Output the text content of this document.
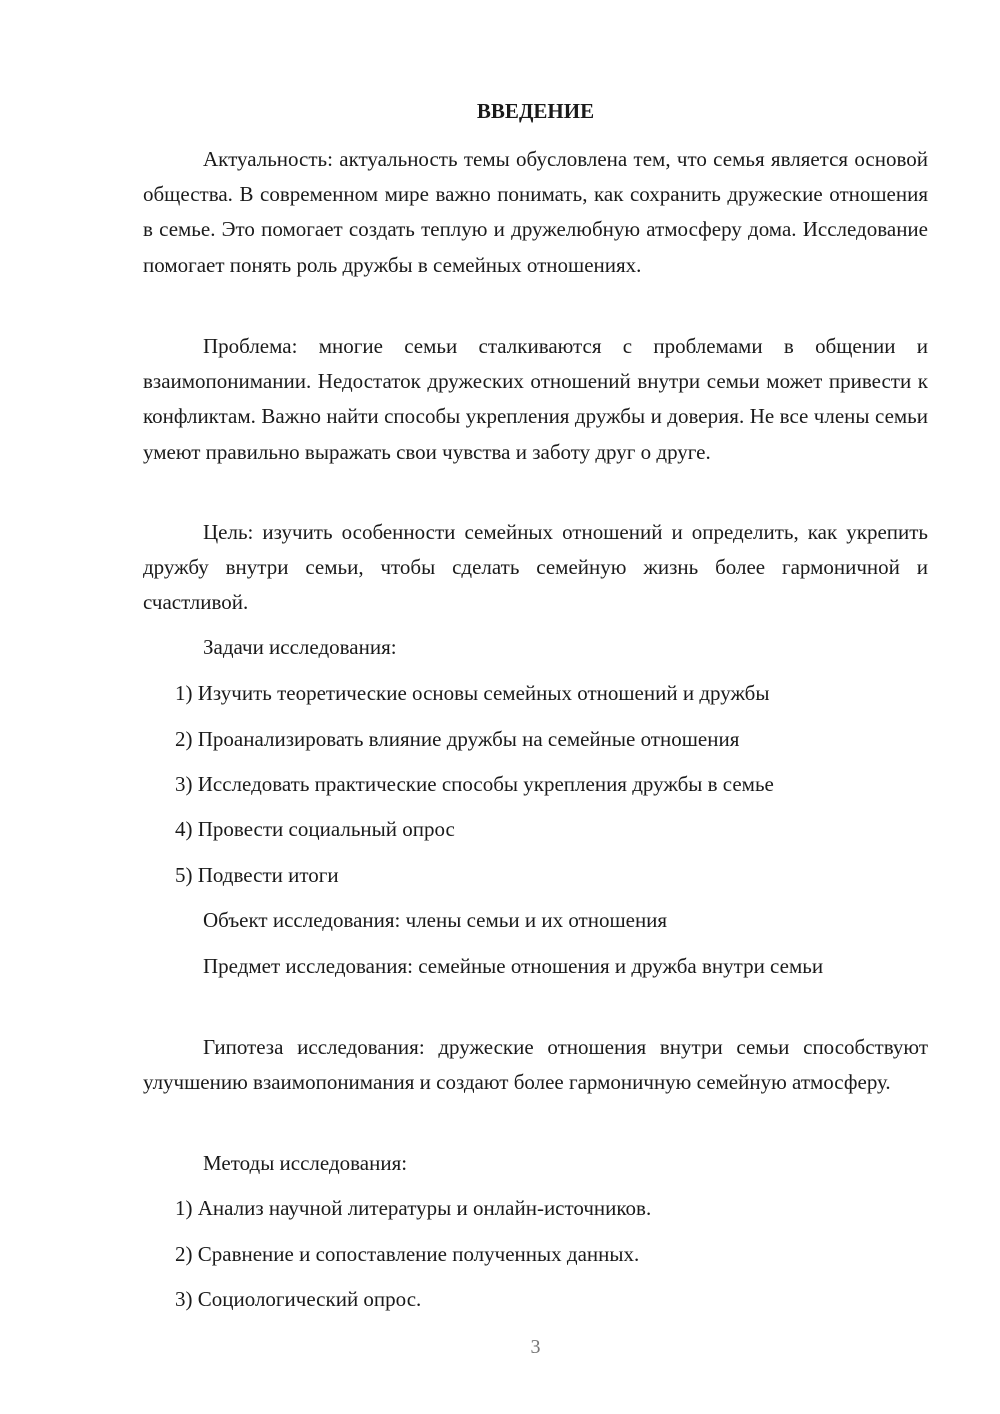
ВВЕДЕНИЕ

Актуальность: актуальность темы обусловлена тем, что семья является основой общества. В современном мире важно понимать, как сохранить дружеские отношения в семье. Это помогает создать теплую и дружелюбную атмосферу дома. Исследование помогает понять роль дружбы в семейных отношениях.

Проблема: многие семьи сталкиваются с проблемами в общении и взаимопонимании. Недостаток дружеских отношений внутри семьи может привести к конфликтам. Важно найти способы укрепления дружбы и доверия. Не все члены семьи умеют правильно выражать свои чувства и заботу друг о друге.

Цель: изучить особенности семейных отношений и определить, как укрепить дружбу внутри семьи, чтобы сделать семейную жизнь более гармоничной и счастливой.

Задачи исследования:

1) Изучить теоретические основы семейных отношений и дружбы

2) Проанализировать влияние дружбы на семейные отношения

3) Исследовать практические способы укрепления дружбы в семье

4) Провести социальный опрос

5) Подвести итоги

Объект исследования: члены семьи и их отношения

Предмет исследования: семейные отношения и дружба внутри семьи

Гипотеза исследования: дружеские отношения внутри семьи способствуют улучшению взаимопонимания и создают более гармоничную семейную атмосферу.

Методы исследования:

1) Анализ научной литературы и онлайн-источников.

2) Сравнение и сопоставление полученных данных.

3) Социологический опрос.

3
